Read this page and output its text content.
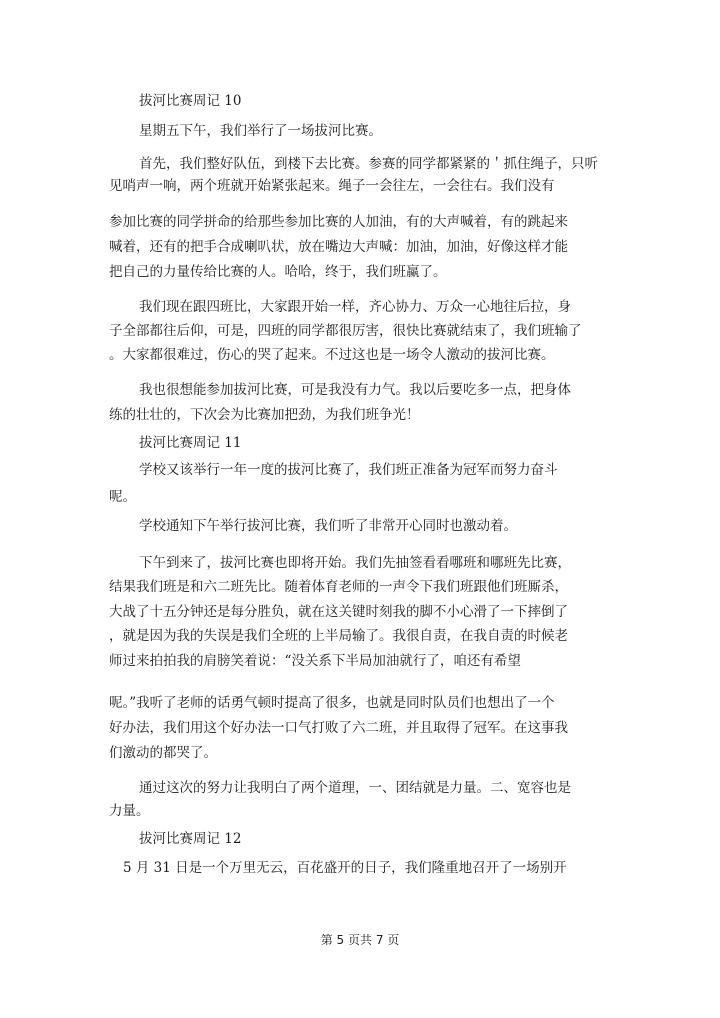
拔河比赛周记 10
星期五下午，我们举行了一场拔河比赛。
首先，我们整好队伍，到楼下去比赛。参赛的同学都紧紧的＇抓住绳子，只听
见哨声一响，两个班就开始紧张起来。绳子一会往左，一会往右。我们没有
参加比赛的同学拼命的给那些参加比赛的人加油，有的大声喊着，有的跳起来
喊着，还有的把手合成喇叭状，放在嘴边大声喊：加油，加油，好像这样才能
把自己的力量传给比赛的人。哈哈，终于，我们班赢了。
我们现在跟四班比，大家跟开始一样，齐心协力、万众一心地往后拉，身
子全部都往后仰，可是，四班的同学都很厉害，很快比赛就结束了，我们班输了
。大家都很难过，伤心的哭了起来。不过这也是一场令人激动的拔河比赛。
我也很想能参加拔河比赛，可是我没有力气。我以后要吃多一点，把身体
练的壮壮的，下次会为比赛加把劲，为我们班争光！
拔河比赛周记 11
学校又该举行一年一度的拔河比赛了，我们班正准备为冠军而努力奋斗
呢。
学校通知下午举行拔河比赛，我们听了非常开心同时也激动着。
下午到来了，拔河比赛也即将开始。我们先抽签看看哪班和哪班先比赛，
结果我们班是和六二班先比。随着体育老师的一声令下我们班跟他们班厮杀，
大战了十五分钟还是每分胜负，就在这关键时刻我的脚不小心滑了一下摔倒了
，就是因为我的失误是我们全班的上半局输了。我很自责，在我自责的时候老
师过来拍拍我的肩膀笑着说：“没关系下半局加油就行了，咱还有希望
呢。”我听了老师的话勇气顿时提高了很多，也就是同时队员们也想出了一个
好办法，我们用这个好办法一口气打败了六二班，并且取得了冠军。在这事我
们激动的都哭了。
通过这次的努力让我明白了两个道理，一、团结就是力量。二、宽容也是
力量。
拔河比赛周记 12
5 月 31 日是一个万里无云，百花盛开的日子，我们隆重地召开了一场别开
第 5 页共 7 页
